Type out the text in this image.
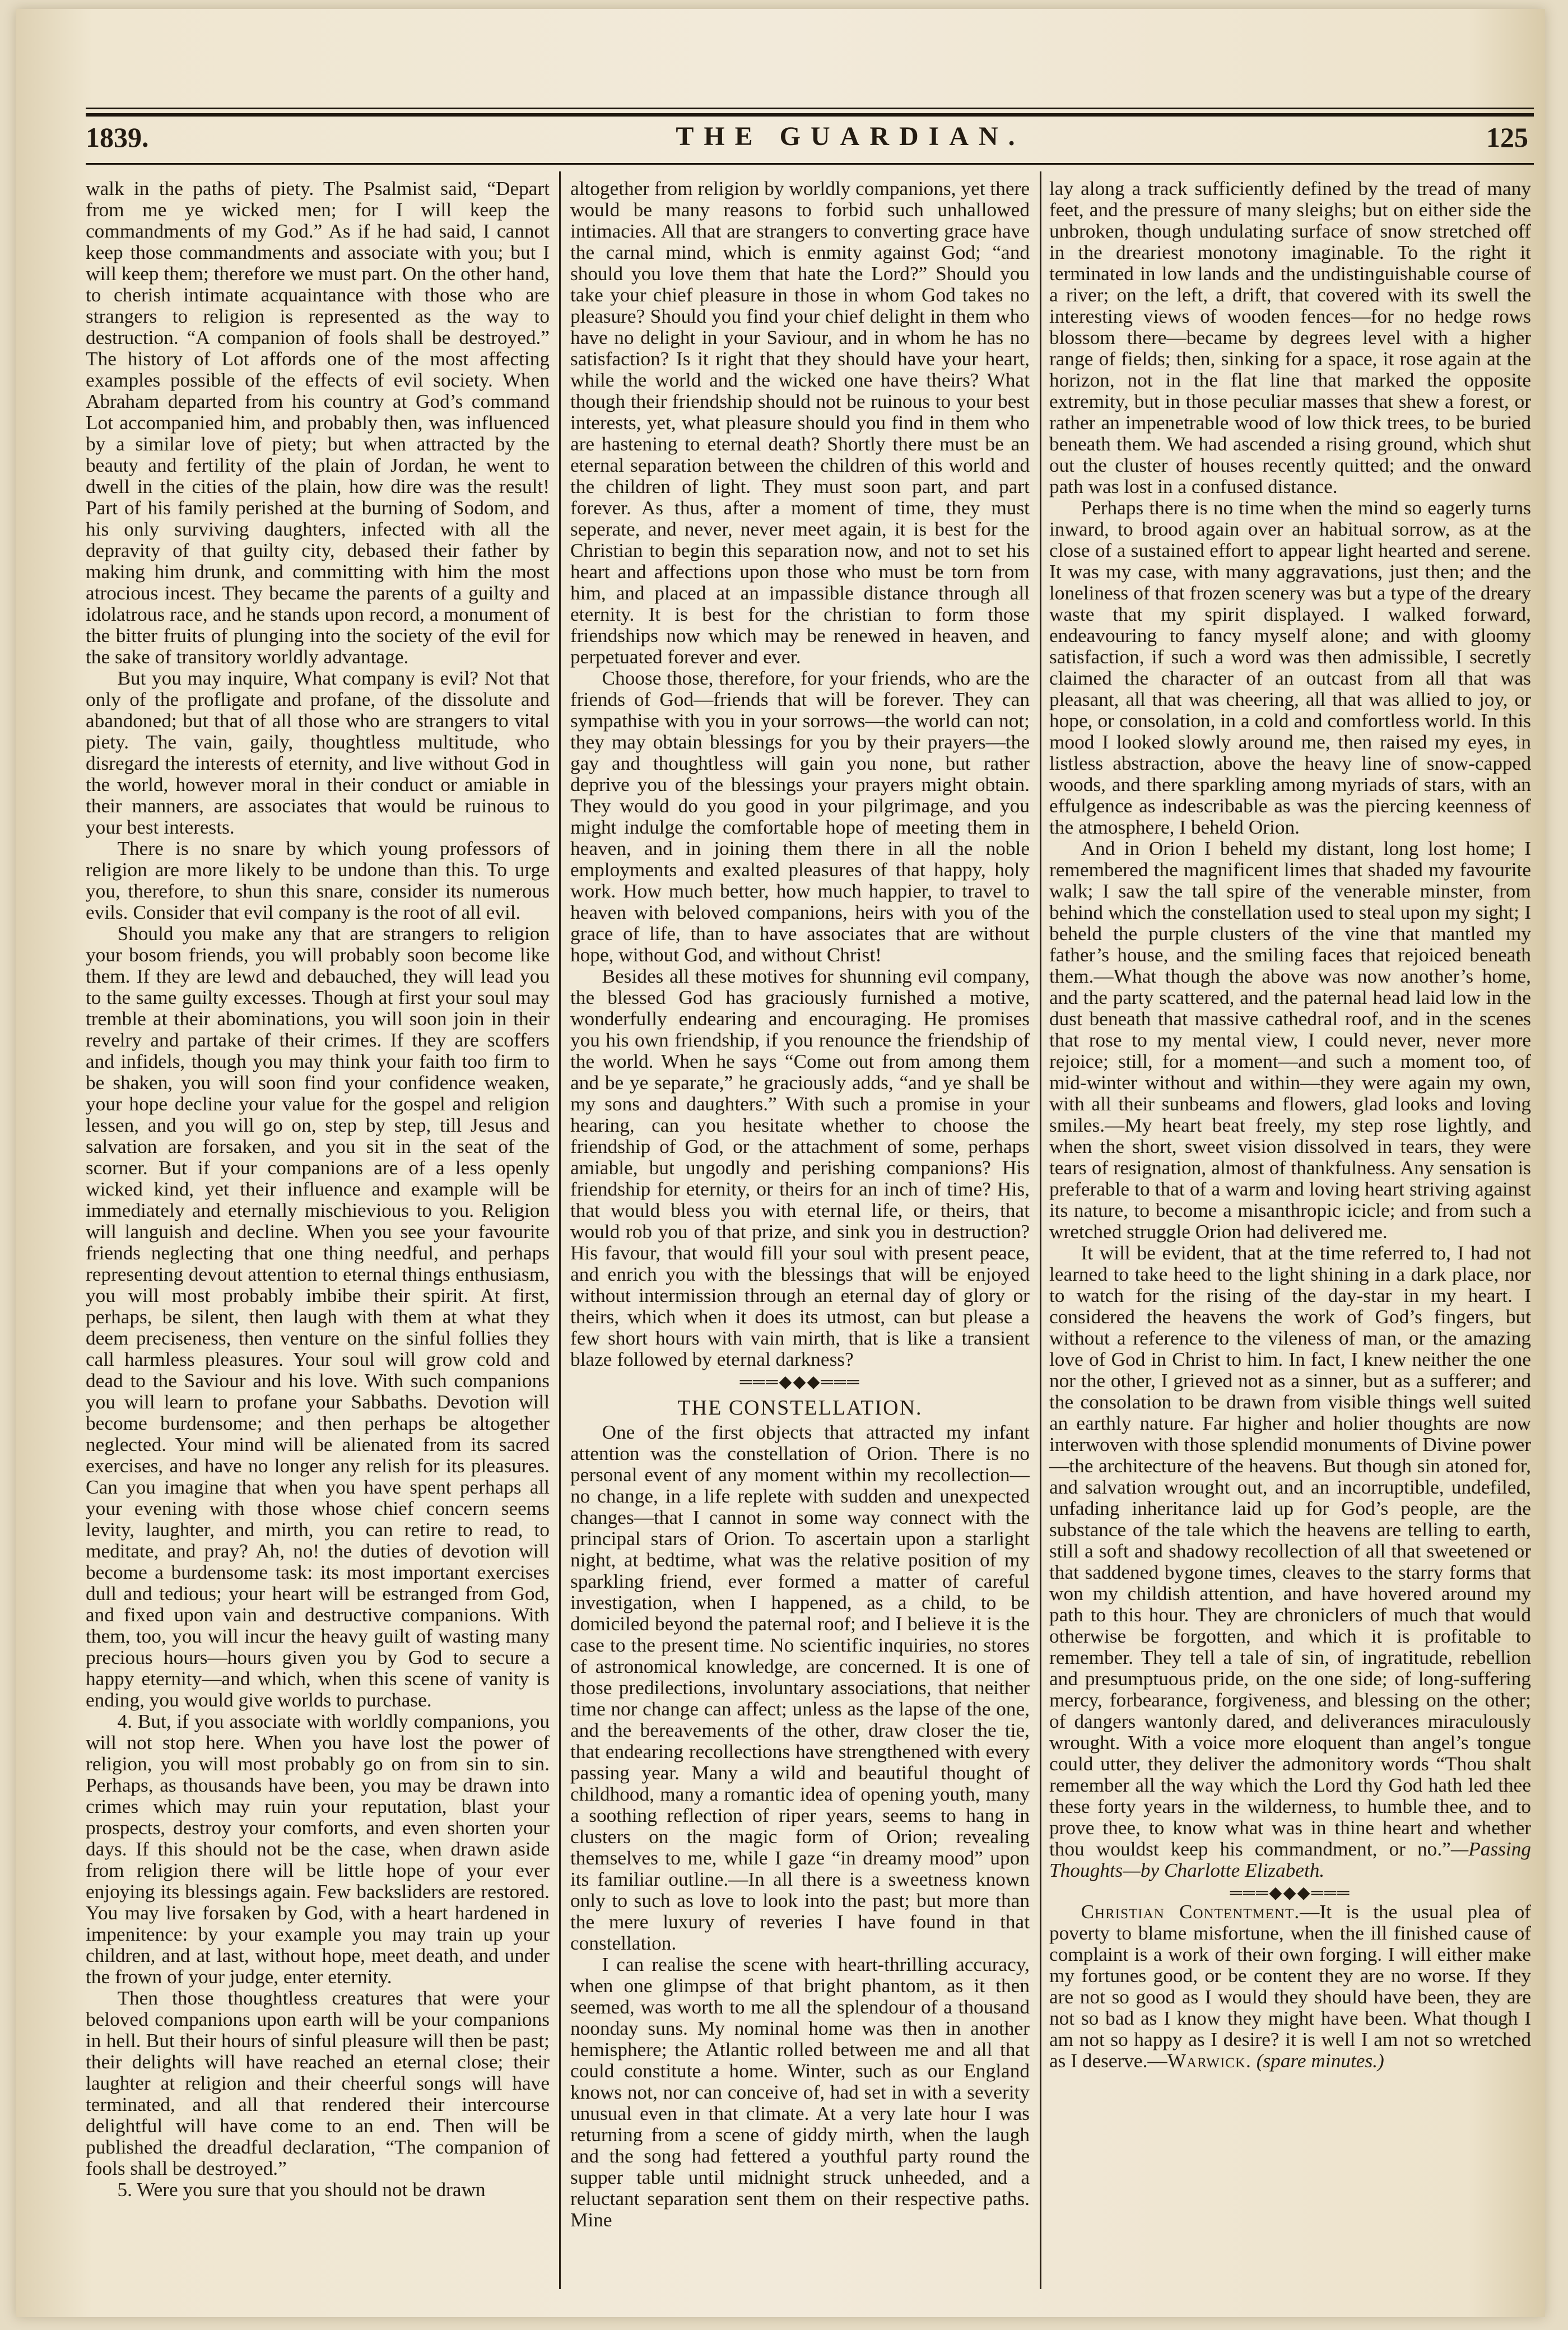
1839.	THE GUARDIAN.	125

walk in the paths of piety. The Psalmist said, “Depart from me ye wicked men; for I will keep the commandments of my God.” As if he had said, I cannot keep those commandments and associate with you; but I will keep them; therefore we must part. On the other hand, to cherish intimate acquaintance with those who are strangers to religion is represented as the way to destruction. “A companion of fools shall be destroyed.” The history of Lot affords one of the most affecting examples possible of the effects of evil society. When Abraham departed from his country at God’s command Lot accompanied him, and probably then, was influenced by a similar love of piety; but when attracted by the beauty and fertility of the plain of Jordan, he went to dwell in the cities of the plain, how dire was the result! Part of his family perished at the burning of Sodom, and his only surviving daughters, infected with all the depravity of that guilty city, debased their father by making him drunk, and committing with him the most atrocious incest. They became the parents of a guilty and idolatrous race, and he stands upon record, a monument of the bitter fruits of plunging into the society of the evil for the sake of transitory worldly advantage.

But you may inquire, What company is evil? Not that only of the profligate and profane, of the dissolute and abandoned; but that of all those who are strangers to vital piety. The vain, gaily, thoughtless multitude, who disregard the interests of eternity, and live without God in the world, however moral in their conduct or amiable in their manners, are associates that would be ruinous to your best interests.

There is no snare by which young professors of religion are more likely to be undone than this. To urge you, therefore, to shun this snare, consider its numerous evils. Consider that evil company is the root of all evil.

Should you make any that are strangers to religion your bosom friends, you will probably soon become like them. If they are lewd and debauched, they will lead you to the same guilty excesses. Though at first your soul may tremble at their abominations, you will soon join in their revelry and partake of their crimes. If they are scoffers and infidels, though you may think your faith too firm to be shaken, you will soon find your confidence weaken, your hope decline your value for the gospel and religion lessen, and you will go on, step by step, till Jesus and salvation are forsaken, and you sit in the seat of the scorner. But if your companions are of a less openly wicked kind, yet their influence and example will be immediately and eternally mischievious to you. Religion will languish and decline. When you see your favourite friends neglecting that one thing needful, and perhaps representing devout attention to eternal things enthusiasm, you will most probably imbibe their spirit. At first, perhaps, be silent, then laugh with them at what they deem preciseness, then venture on the sinful follies they call harmless pleasures. Your soul will grow cold and dead to the Saviour and his love. With such companions you will learn to profane your Sabbaths. Devotion will become burdensome; and then perhaps be altogether neglected. Your mind will be alienated from its sacred exercises, and have no longer any relish for its pleasures. Can you imagine that when you have spent perhaps all your evening with those whose chief concern seems levity, laughter, and mirth, you can retire to read, to meditate, and pray? Ah, no! the duties of devotion will become a burdensome task: its most important exercises dull and tedious; your heart will be estranged from God, and fixed upon vain and destructive companions. With them, too, you will incur the heavy guilt of wasting many precious hours—hours given you by God to secure a happy eternity—and which, when this scene of vanity is ending, you would give worlds to purchase.

4. But, if you associate with worldly companions, you will not stop here. When you have lost the power of religion, you will most probably go on from sin to sin. Perhaps, as thousands have been, you may be drawn into crimes which may ruin your reputation, blast your prospects, destroy your comforts, and even shorten your days. If this should not be the case, when drawn aside from religion there will be little hope of your ever enjoying its blessings again. Few backsliders are restored. You may live forsaken by God, with a heart hardened in impenitence: by your example you may train up your children, and at last, without hope, meet death, and under the frown of your judge, enter eternity.

Then those thoughtless creatures that were your beloved companions upon earth will be your companions in hell. But their hours of sinful pleasure will then be past; their delights will have reached an eternal close; their laughter at religion and their cheerful songs will have terminated, and all that rendered their intercourse delightful will have come to an end. Then will be published the dreadful declaration, “The companion of fools shall be destroyed.”

5. Were you sure that you should not be drawn

altogether from religion by worldly companions, yet there would be many reasons to forbid such unhallowed intimacies. All that are strangers to converting grace have the carnal mind, which is enmity against God; “and should you love them that hate the Lord?” Should you take your chief pleasure in those in whom God takes no pleasure? Should you find your chief delight in them who have no delight in your Saviour, and in whom he has no satisfaction? Is it right that they should have your heart, while the world and the wicked one have theirs? What though their friendship should not be ruinous to your best interests, yet, what pleasure should you find in them who are hastening to eternal death? Shortly there must be an eternal separation between the children of this world and the children of light. They must soon part, and part forever. As thus, after a moment of time, they must seperate, and never, never meet again, it is best for the Christian to begin this separation now, and not to set his heart and affections upon those who must be torn from him, and placed at an impassible distance through all eternity. It is best for the christian to form those friendships now which may be renewed in heaven, and perpetuated forever and ever.

Choose those, therefore, for your friends, who are the friends of God—friends that will be forever. They can sympathise with you in your sorrows—the world can not; they may obtain blessings for you by their prayers—the gay and thoughtless will gain you none, but rather deprive you of the blessings your prayers might obtain. They would do you good in your pilgrimage, and you might indulge the comfortable hope of meeting them in heaven, and in joining them there in all the noble employments and exalted pleasures of that happy, holy work. How much better, how much happier, to travel to heaven with beloved companions, heirs with you of the grace of life, than to have associates that are without hope, without God, and without Christ!

Besides all these motives for shunning evil company, the blessed God has graciously furnished a motive, wonderfully endearing and encouraging. He promises you his own friendship, if you renounce the friendship of the world. When he says “Come out from among them and be ye separate,” he graciously adds, “and ye shall be my sons and daughters.” With such a promise in your hearing, can you hesitate whether to choose the friendship of God, or the attachment of some, perhaps amiable, but ungodly and perishing companions? His friendship for eternity, or theirs for an inch of time? His, that would bless you with eternal life, or theirs, that would rob you of that prize, and sink you in destruction? His favour, that would fill your soul with present peace, and enrich you with the blessings that will be enjoyed without intermission through an eternal day of glory or theirs, which when it does its utmost, can but please a few short hours with vain mirth, that is like a transient blaze followed by eternal darkness?

═══◆◆◆═══
THE CONSTELLATION.

One of the first objects that attracted my infant attention was the constellation of Orion. There is no personal event of any moment within my recollection—no change, in a life replete with sudden and unexpected changes—that I cannot in some way connect with the principal stars of Orion. To ascertain upon a starlight night, at bedtime, what was the relative position of my sparkling friend, ever formed a matter of careful investigation, when I happened, as a child, to be domiciled beyond the paternal roof; and I believe it is the case to the present time. No scientific inquiries, no stores of astronomical knowledge, are concerned. It is one of those predilections, involuntary associations, that neither time nor change can affect; unless as the lapse of the one, and the bereavements of the other, draw closer the tie, that endearing recollections have strengthened with every passing year. Many a wild and beautiful thought of childhood, many a romantic idea of opening youth, many a soothing reflection of riper years, seems to hang in clusters on the magic form of Orion; revealing themselves to me, while I gaze “in dreamy mood” upon its familiar outline.—In all there is a sweetness known only to such as love to look into the past; but more than the mere luxury of reveries I have found in that constellation.

I can realise the scene with heart-thrilling accuracy, when one glimpse of that bright phantom, as it then seemed, was worth to me all the splendour of a thousand noonday suns. My nominal home was then in another hemisphere; the Atlantic rolled between me and all that could constitute a home. Winter, such as our England knows not, nor can conceive of, had set in with a severity unusual even in that climate. At a very late hour I was returning from a scene of giddy mirth, when the laugh and the song had fettered a youthful party round the supper table until midnight struck unheeded, and a reluctant separation sent them on their respective paths. Mine

lay along a track sufficiently defined by the tread of many feet, and the pressure of many sleighs; but on either side the unbroken, though undulating surface of snow stretched off in the dreariest monotony imaginable. To the right it terminated in low lands and the undistinguishable course of a river; on the left, a drift, that covered with its swell the interesting views of wooden fences—for no hedge rows blossom there—became by degrees level with a higher range of fields; then, sinking for a space, it rose again at the horizon, not in the flat line that marked the opposite extremity, but in those peculiar masses that shew a forest, or rather an impenetrable wood of low thick trees, to be buried beneath them. We had ascended a rising ground, which shut out the cluster of houses recently quitted; and the onward path was lost in a confused distance.

Perhaps there is no time when the mind so eagerly turns inward, to brood again over an habitual sorrow, as at the close of a sustained effort to appear light hearted and serene. It was my case, with many aggravations, just then; and the loneliness of that frozen scenery was but a type of the dreary waste that my spirit displayed. I walked forward, endeavouring to fancy myself alone; and with gloomy satisfaction, if such a word was then admissible, I secretly claimed the character of an outcast from all that was pleasant, all that was cheering, all that was allied to joy, or hope, or consolation, in a cold and comfortless world. In this mood I looked slowly around me, then raised my eyes, in listless abstraction, above the heavy line of snow-capped woods, and there sparkling among myriads of stars, with an effulgence as indescribable as was the piercing keenness of the atmosphere, I beheld Orion.

And in Orion I beheld my distant, long lost home; I remembered the magnificent limes that shaded my favourite walk; I saw the tall spire of the venerable minster, from behind which the constellation used to steal upon my sight; I beheld the purple clusters of the vine that mantled my father’s house, and the smiling faces that rejoiced beneath them.—What though the above was now another’s home, and the party scattered, and the paternal head laid low in the dust beneath that massive cathedral roof, and in the scenes that rose to my mental view, I could never, never more rejoice; still, for a moment—and such a moment too, of mid-winter without and within—they were again my own, with all their sunbeams and flowers, glad looks and loving smiles.—My heart beat freely, my step rose lightly, and when the short, sweet vision dissolved in tears, they were tears of resignation, almost of thankfulness. Any sensation is preferable to that of a warm and loving heart striving against its nature, to become a misanthropic icicle; and from such a wretched struggle Orion had delivered me.

It will be evident, that at the time referred to, I had not learned to take heed to the light shining in a dark place, nor to watch for the rising of the day-star in my heart. I considered the heavens the work of God’s fingers, but without a reference to the vileness of man, or the amazing love of God in Christ to him. In fact, I knew neither the one nor the other, I grieved not as a sinner, but as a sufferer; and the consolation to be drawn from visible things well suited an earthly nature. Far higher and holier thoughts are now interwoven with those splendid monuments of Divine power—the architecture of the heavens. But though sin atoned for, and salvation wrought out, and an incorruptible, undefiled, unfading inheritance laid up for God’s people, are the substance of the tale which the heavens are telling to earth, still a soft and shadowy recollection of all that sweetened or that saddened bygone times, cleaves to the starry forms that won my childish attention, and have hovered around my path to this hour. They are chroniclers of much that would otherwise be forgotten, and which it is profitable to remember. They tell a tale of sin, of ingratitude, rebellion and presumptuous pride, on the one side; of long-suffering mercy, forbearance, forgiveness, and blessing on the other; of dangers wantonly dared, and deliverances miraculously wrought. With a voice more eloquent than angel’s tongue could utter, they deliver the admonitory words “Thou shalt remember all the way which the Lord thy God hath led thee these forty years in the wilderness, to humble thee, and to prove thee, to know what was in thine heart and whether thou wouldst keep his commandment, or no.”—Passing Thoughts—by Charlotte Elizabeth.

═══◆◆◆═══

Christian Contentment.—It is the usual plea of poverty to blame misfortune, when the ill finished cause of complaint is a work of their own forging. I will either make my fortunes good, or be content they are no worse. If they are not so good as I would they should have been, they are not so bad as I know they might have been. What though I am not so happy as I desire? it is well I am not so wretched as I deserve.—Warwick. (spare minutes.)
